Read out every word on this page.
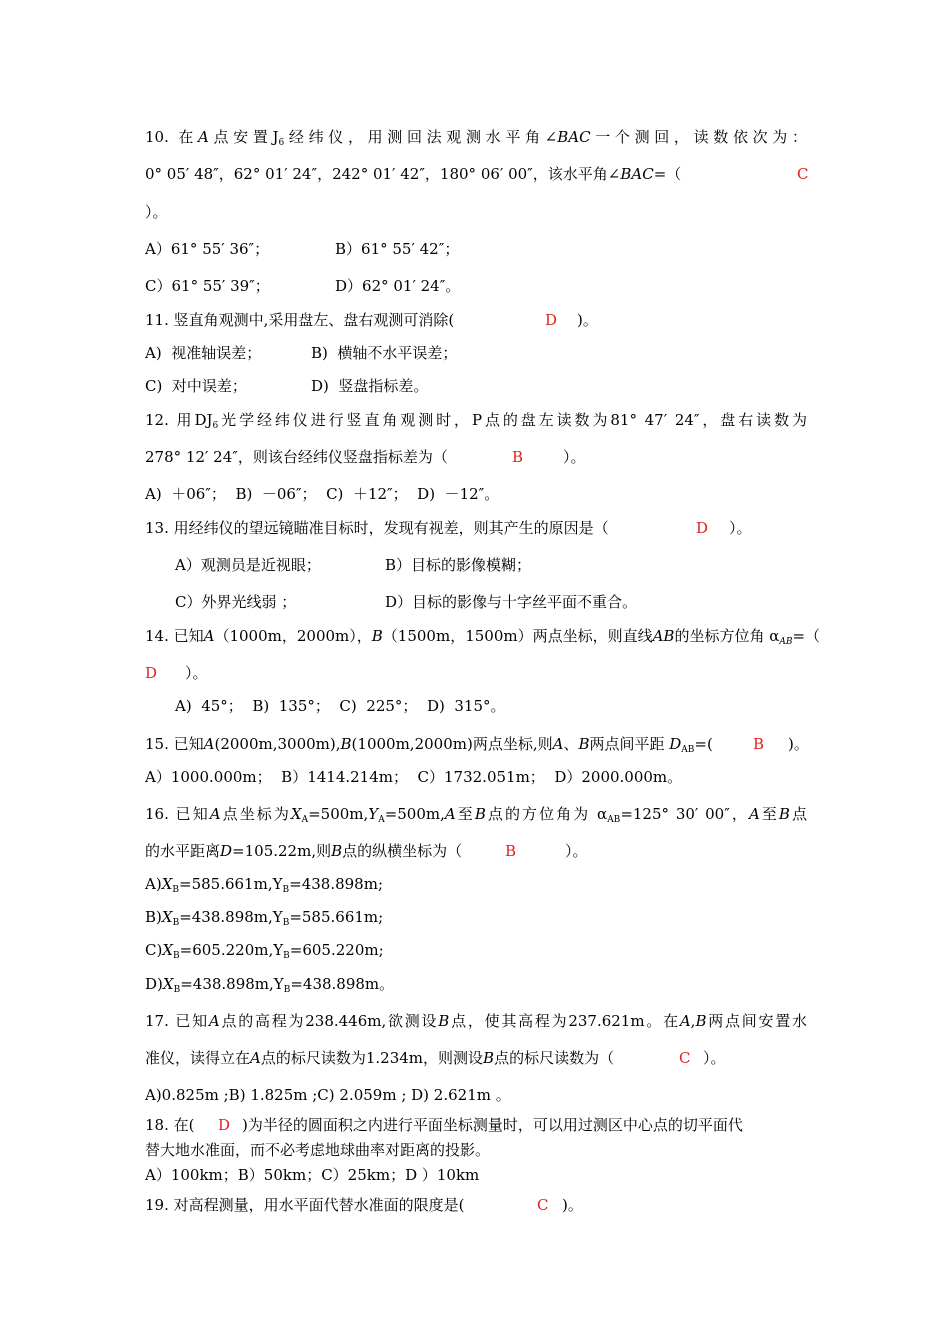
10. 在A点安置$J_6$经纬仪，用测回法观测水平角∠BAC一个测回，读数依次为：
0° 05′ 48″，62° 01′ 24″，242° 01′ 42″，180° 06′ 00″，该水平角∠BAC=（	C
）。
A）61° 55′ 36″；	B）61° 55′ 42″；
C）61° 55′ 39″；	D）62° 01′ 24″。
11. 竖直角观测中,采用盘左、盘右观测可消除(	D )。
A)  视准轴误差；	B)  横轴不水平误差；
C)  对中误差；	D)  竖盘指标差。
12. 用$DJ_6$光学经纬仪进行竖直角观测时，P点的盘左读数为81° 47′ 24″，盘右读数为
278° 12′ 24″，则该台经纬仪竖盘指标差为（	B	）。
A)  ＋06″；  B)  －06″；  C)  ＋12″；  D)  －12″。
13. 用经纬仪的望远镜瞄准目标时，发现有视差，则其产生的原因是（	D ）。
A）观测员是近视眼；	B）目标的影像模糊；
C）外界光线弱 ；	D）目标的影像与十字丝平面不重合。
14. 已知A（1000m，2000m），B（1500m，1500m）两点坐标，则直线AB的坐标方位角 $\alpha_{AB}=$（
D ）。
A)  45°；  B)  135°；  C)  225°；  D)  315°。
15. 已知A(2000m,3000m),B(1000m,2000m)两点坐标,则A、B两点间平距 $D_{AB}=$(	B )。
A）1000.000m；  B）1414.214m；  C）1732.051m；  D）2000.000m。
16. 已知A点坐标为$X_A=500m,Y_A=500m,A$至B点的方位角为 $\alpha_{AB}=125^\circ$ 30′ 00″，A至B点
的水平距离D=105.22m,则B点的纵横坐标为（	B	）。
$A)X_B=585.661m,Y_B=438.898m$;
$B)X_B=438.898m,Y_B=585.661m$;
$C)X_B=605.220m,Y_B=605.220m$;
$D)X_B=438.898m,Y_B=438.898m$。
17. 已知A点的高程为238.446m,欲测设B点，使其高程为237.621m。在A,B两点间安置水
准仪，读得立在A点的标尺读数为1.234m，则测设B点的标尺读数为（	C ）。
A)0.825m ;B) 1.825m ;C) 2.059m ; D) 2.621m 。
18. 在( D )为半径的圆面积之内进行平面坐标测量时，可以用过测区中心点的切平面代
替大地水准面，而不必考虑地球曲率对距离的投影。
A）100km；B）50km；C）25km；D ）10km
19. 对高程测量，用水平面代替水准面的限度是(	C )。
